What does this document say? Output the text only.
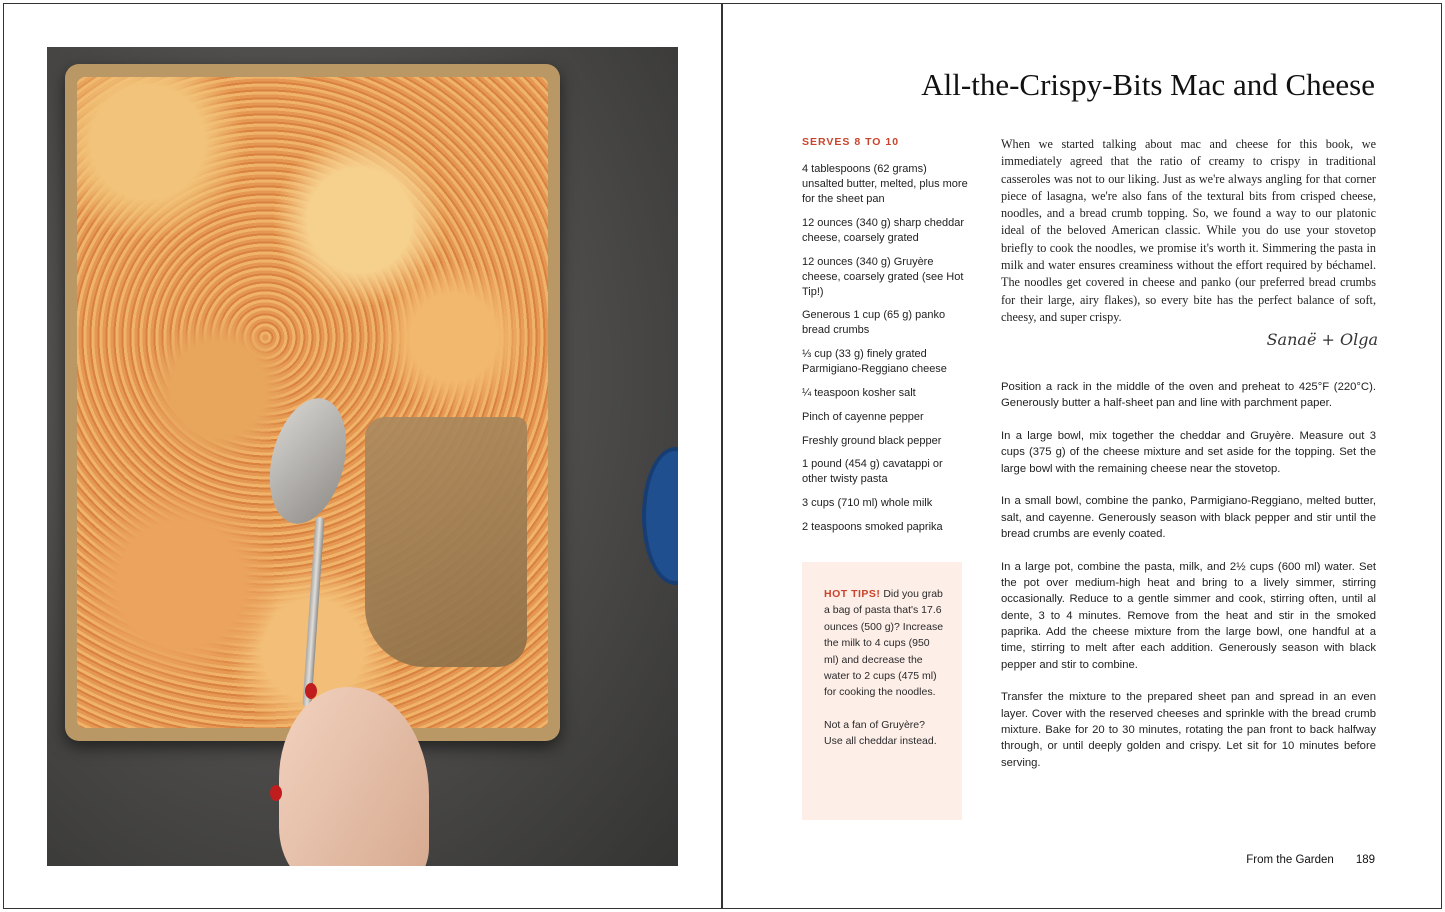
All-the-Crispy-Bits Mac and Cheese
SERVES 8 TO 10
4 tablespoons (62 grams) unsalted butter, melted, plus more for the sheet pan
12 ounces (340 g) sharp cheddar cheese, coarsely grated
12 ounces (340 g) Gruyère cheese, coarsely grated (see Hot Tip!)
Generous 1 cup (65 g) panko bread crumbs
⅓ cup (33 g) finely grated Parmigiano-Reggiano cheese
¼ teaspoon kosher salt
Pinch of cayenne pepper
Freshly ground black pepper
1 pound (454 g) cavatappi or other twisty pasta
3 cups (710 ml) whole milk
2 teaspoons smoked paprika

HOT TIPS! Did you grab a bag of pasta that's 17.6 ounces (500 g)? Increase the milk to 4 cups (950 ml) and decrease the water to 2 cups (475 ml) for cooking the noodles.

Not a fan of Gruyère? Use all cheddar instead.

When we started talking about mac and cheese for this book, we immediately agreed that the ratio of creamy to crispy in traditional casseroles was not to our liking. Just as we're always angling for that corner piece of lasagna, we're also fans of the textural bits from crisped cheese, noodles, and a bread crumb topping. So, we found a way to our platonic ideal of the beloved American classic. While you do use your stovetop briefly to cook the noodles, we promise it's worth it. Simmering the pasta in milk and water ensures creaminess without the effort required by béchamel. The noodles get covered in cheese and panko (our preferred bread crumbs for their large, airy flakes), so every bite has the perfect balance of soft, cheesy, and super crispy.

Sanaë + Olga

Position a rack in the middle of the oven and preheat to 425°F (220°C). Generously butter a half-sheet pan and line with parchment paper.

In a large bowl, mix together the cheddar and Gruyère. Measure out 3 cups (375 g) of the cheese mixture and set aside for the topping. Set the large bowl with the remaining cheese near the stovetop.

In a small bowl, combine the panko, Parmigiano-Reggiano, melted butter, salt, and cayenne. Generously season with black pepper and stir until the bread crumbs are evenly coated.

In a large pot, combine the pasta, milk, and 2½ cups (600 ml) water. Set the pot over medium-high heat and bring to a lively simmer, stirring occasionally. Reduce to a gentle simmer and cook, stirring often, until al dente, 3 to 4 minutes. Remove from the heat and stir in the smoked paprika. Add the cheese mixture from the large bowl, one handful at a time, stirring to melt after each addition. Generously season with black pepper and stir to combine.

Transfer the mixture to the prepared sheet pan and spread in an even layer. Cover with the reserved cheeses and sprinkle with the bread crumb mixture. Bake for 20 to 30 minutes, rotating the pan front to back halfway through, or until deeply golden and crispy. Let sit for 10 minutes before serving.

From the Garden 189
